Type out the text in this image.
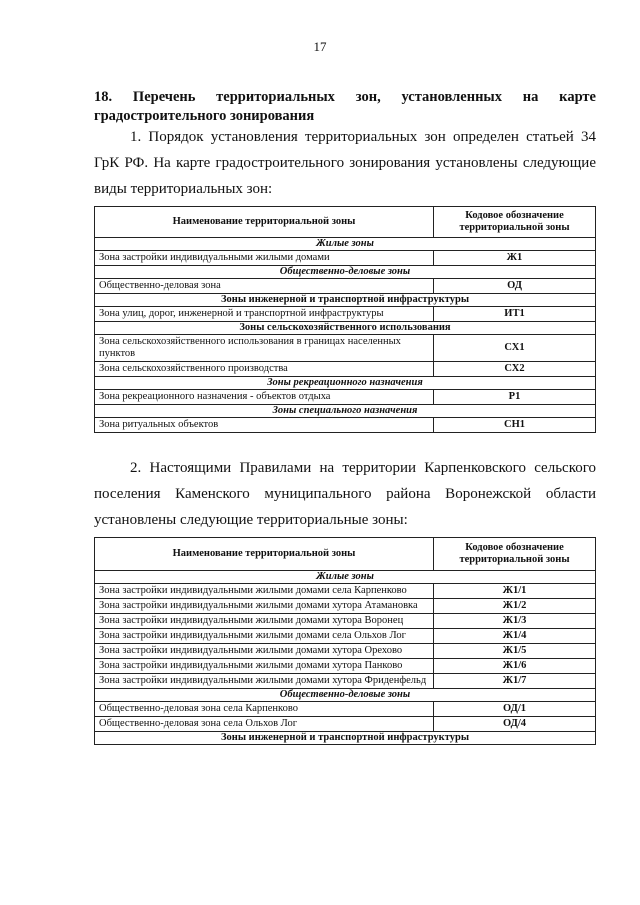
17
18. Перечень территориальных зон, установленных на карте градостроительного зонирования
1. Порядок установления территориальных зон определен статьей 34
ГрК РФ. На карте градостроительного зонирования установлены следующие
виды территориальных зон:
Наименование территориальной зоны	Кодовое обозначение территориальной зоны
Жилые зоны	
Зона застройки индивидуальными жилыми домами	Ж1
Общественно-деловые зоны	
Общественно-деловая зона	ОД
Зоны инженерной и транспортной инфраструктуры	
Зона улиц, дорог, инженерной и транспортной инфраструктуры	ИТ1
Зоны сельскохозяйственного использования	
Зона сельскохозяйственного использования в границах населенных пунктов	СХ1
Зона сельскохозяйственного производства	СХ2
Зоны рекреационного назначения	
Зона рекреационного назначения - объектов отдыха	Р1
Зоны специального назначения	
Зона ритуальных объектов	СН1
2. Настоящими Правилами на территории Карпенковского сельского
поселения Каменского муниципального района Воронежской области
установлены следующие территориальные зоны:
Наименование территориальной зоны	Кодовое обозначение территориальной зоны
Жилые зоны	
Зона застройки индивидуальными жилыми домами села Карпенково	Ж1/1
Зона застройки индивидуальными жилыми домами хутора Атамановка	Ж1/2
Зона застройки индивидуальными жилыми домами хутора Воронец	Ж1/3
Зона застройки индивидуальными жилыми домами села Ольхов Лог	Ж1/4
Зона застройки индивидуальными жилыми домами хутора Орехово	Ж1/5
Зона застройки индивидуальными жилыми домами хутора Панково	Ж1/6
Зона застройки индивидуальными жилыми домами хутора Фриденфельд	Ж1/7
Общественно-деловые зоны	
Общественно-деловая зона села Карпенково	ОД/1
Общественно-деловая зона села Ольхов Лог	ОД/4
Зоны инженерной и транспортной инфраструктуры	
